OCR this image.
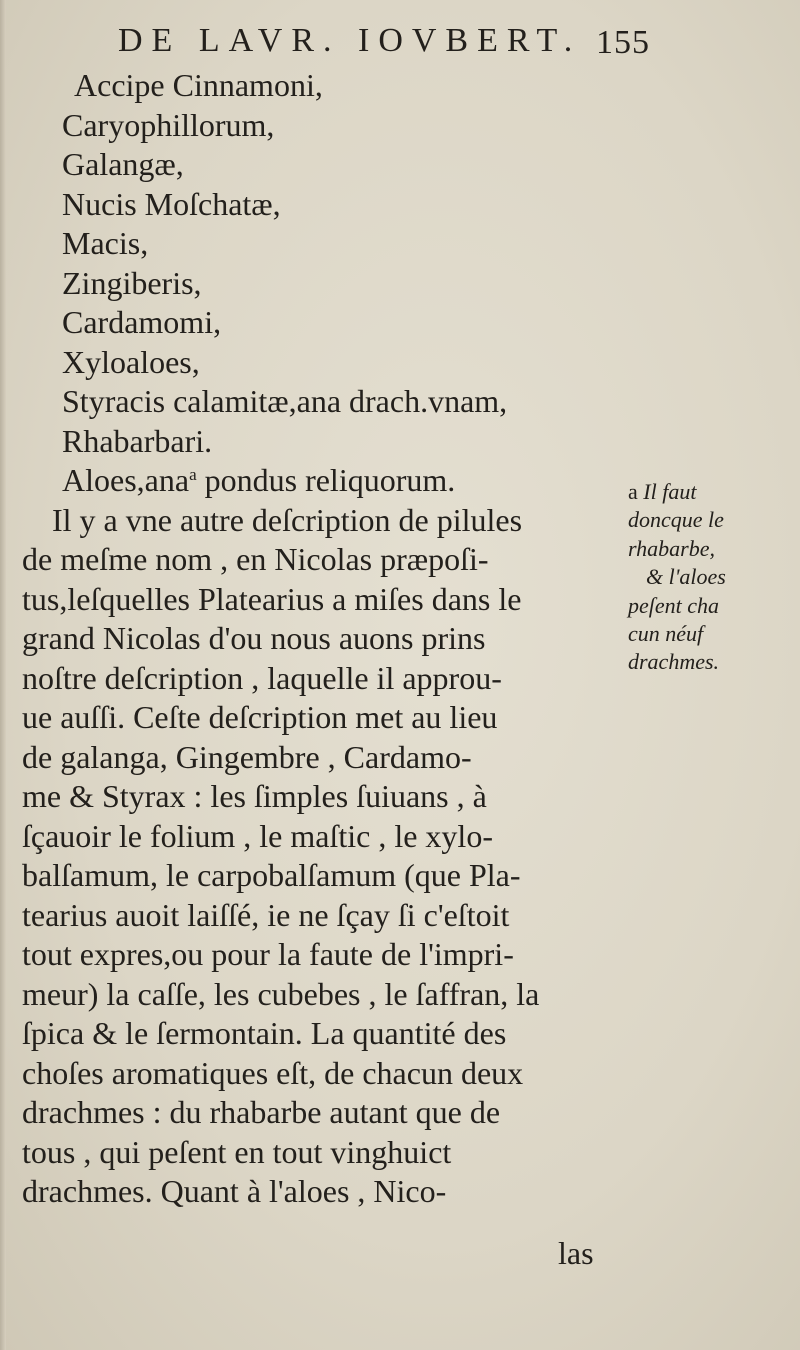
DE LAVR. IOVBERT. 155
Accipe Cinnamoni,
Caryophillorum,
Galangæ,
Nucis Moſchatæ,
Macis,
Zingiberis,
Cardamomi,
Xyloaloes,
Styracis calamitæ,ana drach.vnam,
Rhabarbari.
Aloes,ana$^a$ pondus reliquorum.
Il y a vne autre deſcription de pilules
de meſme nom , en Nicolas præpoſi-
tus,leſquelles Platearius a miſes dans le
grand Nicolas d'ou nous auons prins
noſtre deſcription , laquelle il approu-
ue auſſi. Ceſte deſcription met au lieu
de galanga, Gingembre , Cardamo-
me & Styrax : les ſimples ſuiuans , à
ſçauoir le folium , le maſtic , le xylo-
balſamum, le carpobalſamum (que Pla-
tearius auoit laiſſé, ie ne ſçay ſi c'eſtoit
tout expres,ou pour la faute de l'impri-
meur) la caſſe, les cubebes , le ſaffran, la
ſpica & le ſermontain. La quantité des
choſes aromatiques eſt, de chacun deux
drachmes : du rhabarbe autant que de
tous , qui peſent en tout vinghuict
drachmes. Quant à l'aloes , Nico-
las
a Il faut
doncque le
rhabarbe,
& l'aloes
peſent cha
cun néuf
drachmes.
